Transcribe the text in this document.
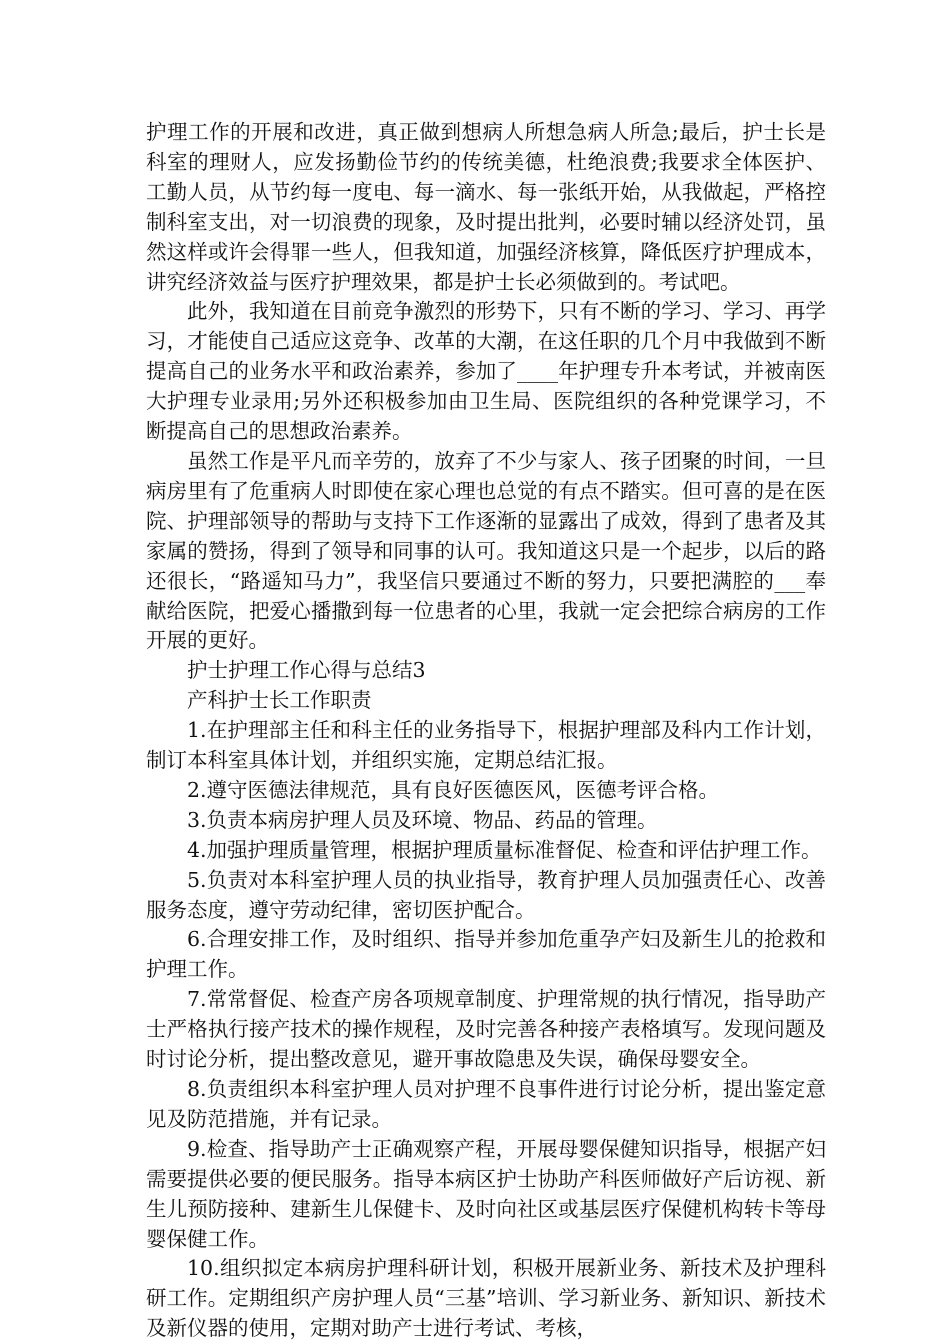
护理工作的开展和改进，真正做到想病人所想急病人所急;最后，护士长是科室的理财人，应发扬勤俭节约的传统美德，杜绝浪费;我要求全体医护、工勤人员，从节约每一度电、每一滴水、每一张纸开始，从我做起，严格控制科室支出，对一切浪费的现象，及时提出批判，必要时辅以经济处罚，虽然这样或许会得罪一些人，但我知道，加强经济核算，降低医疗护理成本，讲究经济效益与医疗护理效果，都是护士长必须做到的。考试吧。

此外，我知道在目前竞争激烈的形势下，只有不断的学习、学习、再学习，才能使自己适应这竞争、改革的大潮，在这任职的几个月中我做到不断提高自己的业务水平和政治素养，参加了____年护理专升本考试，并被南医大护理专业录用;另外还积极参加由卫生局、医院组织的各种党课学习，不断提高自己的思想政治素养。

虽然工作是平凡而辛劳的，放弃了不少与家人、孩子团聚的时间，一旦病房里有了危重病人时即使在家心理也总觉的有点不踏实。但可喜的是在医院、护理部领导的帮助与支持下工作逐渐的显露出了成效，得到了患者及其家属的赞扬，得到了领导和同事的认可。我知道这只是一个起步，以后的路还很长，“路遥知马力”，我坚信只要通过不断的努力，只要把满腔的___奉献给医院，把爱心播撒到每一位患者的心里，我就一定会把综合病房的工作开展的更好。

护士护理工作心得与总结3

产科护士长工作职责

1.在护理部主任和科主任的业务指导下，根据护理部及科内工作计划，制订本科室具体计划，并组织实施，定期总结汇报。

2.遵守医德法律规范，具有良好医德医风，医德考评合格。

3.负责本病房护理人员及环境、物品、药品的管理。

4.加强护理质量管理，根据护理质量标准督促、检查和评估护理工作。

5.负责对本科室护理人员的执业指导，教育护理人员加强责任心、改善服务态度，遵守劳动纪律，密切医护配合。

6.合理安排工作，及时组织、指导并参加危重孕产妇及新生儿的抢救和护理工作。

7.常常督促、检查产房各项规章制度、护理常规的执行情况，指导助产士严格执行接产技术的操作规程，及时完善各种接产表格填写。发现问题及时讨论分析，提出整改意见，避开事故隐患及失误，确保母婴安全。

8.负责组织本科室护理人员对护理不良事件进行讨论分析，提出鉴定意见及防范措施，并有记录。

9.检查、指导助产士正确观察产程，开展母婴保健知识指导，根据产妇需要提供必要的便民服务。指导本病区护士协助产科医师做好产后访视、新生儿预防接种、建新生儿保健卡、及时向社区或基层医疗保健机构转卡等母婴保健工作。

10.组织拟定本病房护理科研计划，积极开展新业务、新技术及护理科研工作。定期组织产房护理人员“三基”培训、学习新业务、新知识、新技术及新仪器的使用，定期对助产士进行考试、考核，
